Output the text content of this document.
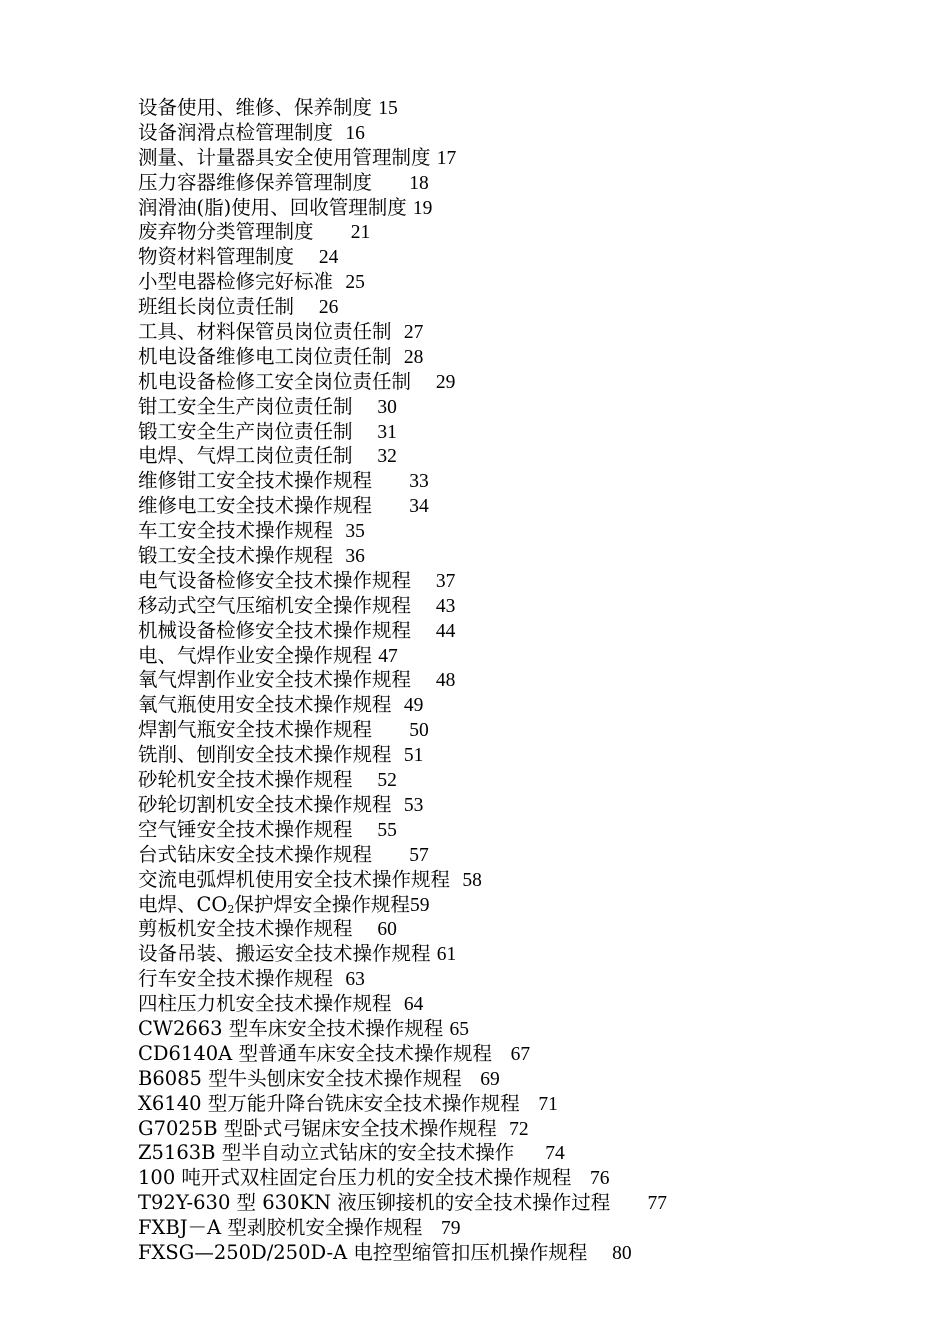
设备使用、维修、保养制度 15
设备润滑点检管理制度 16
测量、计量器具安全使用管理制度 17
压力容器维修保养管理制度 18
润滑油(脂)使用、回收管理制度 19
废弃物分类管理制度 21
物资材料管理制度 24
小型电器检修完好标准 25
班组长岗位责任制 26
工具、材料保管员岗位责任制 27
机电设备维修电工岗位责任制 28
机电设备检修工安全岗位责任制 29
钳工安全生产岗位责任制 30
锻工安全生产岗位责任制 31
电焊、气焊工岗位责任制 32
维修钳工安全技术操作规程 33
维修电工安全技术操作规程 34
车工安全技术操作规程 35
锻工安全技术操作规程 36
电气设备检修安全技术操作规程 37
移动式空气压缩机安全操作规程 43
机械设备检修安全技术操作规程 44
电、气焊作业安全操作规程 47
氧气焊割作业安全技术操作规程 48
氧气瓶使用安全技术操作规程 49
焊割气瓶安全技术操作规程 50
铣削、刨削安全技术操作规程 51
砂轮机安全技术操作规程 52
砂轮切割机安全技术操作规程 53
空气锤安全技术操作规程 55
台式钻床安全技术操作规程 57
交流电弧焊机使用安全技术操作规程 58
电焊、$CO_2$保护焊安全操作规程59
剪板机安全技术操作规程 60
设备吊装、搬运安全技术操作规程 61
行车安全技术操作规程 63
四柱压力机安全技术操作规程 64
CW2663 型车床安全技术操作规程 65
CD6140A 型普通车床安全技术操作规程 67
B6085 型牛头刨床安全技术操作规程 69
X6140 型万能升降台铣床安全技术操作规程 71
G7025B 型卧式弓锯床安全技术操作规程 72
Z5163B 型半自动立式钻床的安全技术操作 74
100 吨开式双柱固定台压力机的安全技术操作规程 76
T92Y-630 型 630KN 液压铆接机的安全技术操作过程 77
FXBJ－A 型剥胶机安全操作规程 79
FXSG—250D/250D-A 电控型缩管扣压机操作规程 80
